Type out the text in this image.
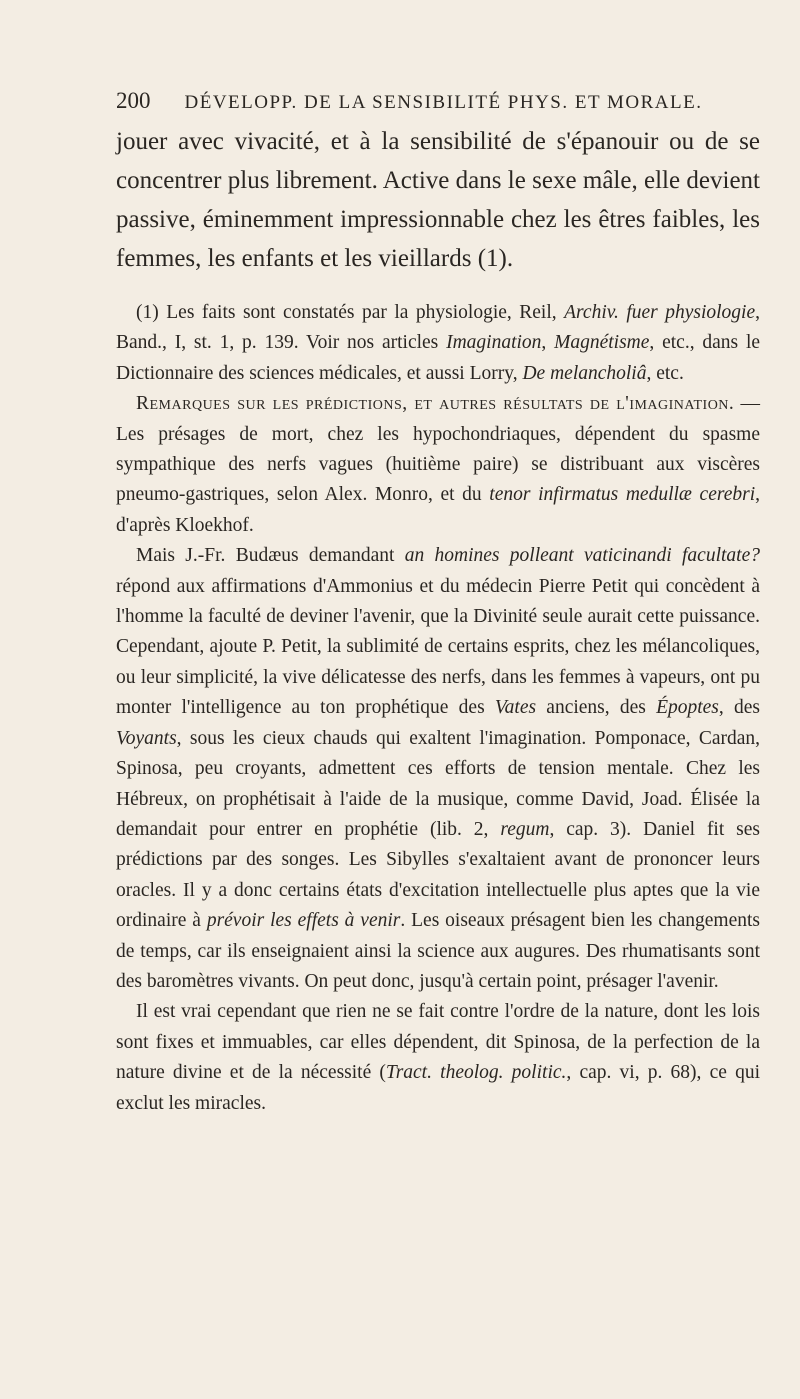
200 DÉVELOPP. DE LA SENSIBILITÉ PHYS. ET MORALE.

jouer avec vivacité, et à la sensibilité de s'épanouir ou de se concentrer plus librement. Active dans le sexe mâle, elle devient passive, éminemment impressionnable chez les êtres faibles, les femmes, les enfants et les vieillards (1).

(1) Les faits sont constatés par la physiologie, Reil, Archiv. fuer physiologie, Band., I, st. 1, p. 139. Voir nos articles Imagination, Magnétisme, etc., dans le Dictionnaire des sciences médicales, et aussi Lorry, De melancholiâ, etc.

Remarques sur les prédictions, et autres résultats de l'imagination. — Les présages de mort, chez les hypochondriaques, dépendent du spasme sympathique des nerfs vagues (huitième paire) se distribuant aux viscères pneumo-gastriques, selon Alex. Monro, et du tenor infirmatus medullæ cerebri, d'après Kloekhof.

Mais J.-Fr. Budæus demandant an homines polleant vaticinandi facultate? répond aux affirmations d'Ammonius et du médecin Pierre Petit qui concèdent à l'homme la faculté de deviner l'avenir, que la Divinité seule aurait cette puissance. Cependant, ajoute P. Petit, la sublimité de certains esprits, chez les mélancoliques, ou leur simplicité, la vive délicatesse des nerfs, dans les femmes à vapeurs, ont pu monter l'intelligence au ton prophétique des Vates anciens, des Époptes, des Voyants, sous les cieux chauds qui exaltent l'imagination. Pomponace, Cardan, Spinosa, peu croyants, admettent ces efforts de tension mentale. Chez les Hébreux, on prophétisait à l'aide de la musique, comme David, Joad. Élisée la demandait pour entrer en prophétie (lib. 2, regum, cap. 3). Daniel fit ses prédictions par des songes. Les Sibylles s'exaltaient avant de prononcer leurs oracles. Il y a donc certains états d'excitation intellectuelle plus aptes que la vie ordinaire à prévoir les effets à venir. Les oiseaux présagent bien les changements de temps, car ils enseignaient ainsi la science aux augures. Des rhumatisants sont des baromètres vivants. On peut donc, jusqu'à certain point, présager l'avenir.

Il est vrai cependant que rien ne se fait contre l'ordre de la nature, dont les lois sont fixes et immuables, car elles dépendent, dit Spinosa, de la perfection de la nature divine et de la nécessité (Tract. theolog. politic., cap. vi, p. 68), ce qui exclut les miracles.
